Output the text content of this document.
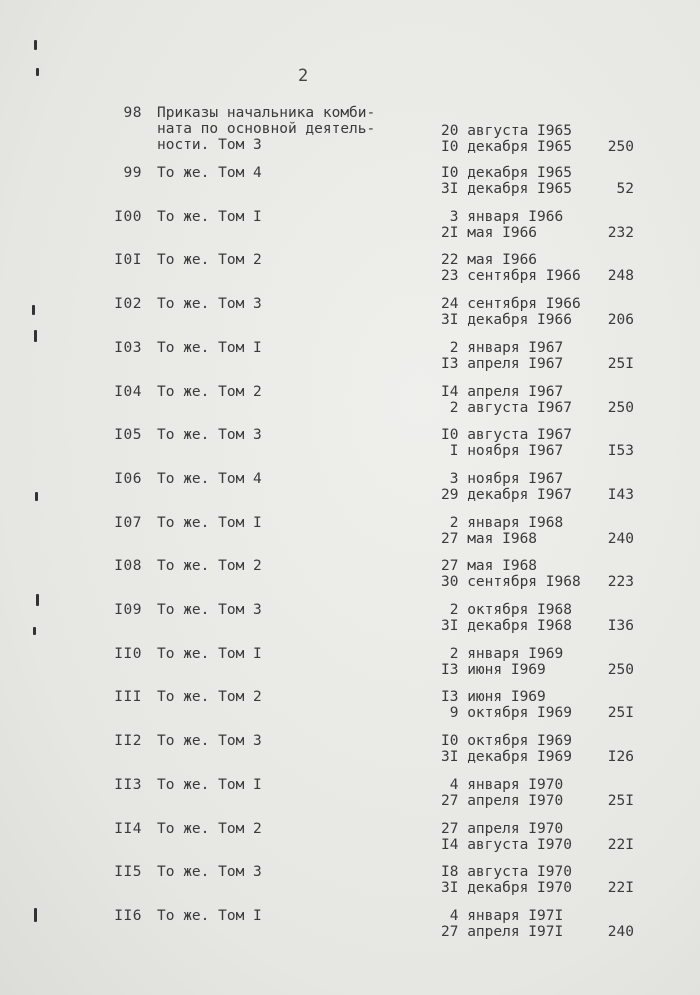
2
98 Приказы начальника комби-
ната по основной деятель-
ности. Том 3
20 августа I965
I0 декабря I965	250
99 То же. Том 4	I0 декабря I965
3I декабря I965	52
I00 То же. Том I	3 января I966
2I мая I966	232
I0I То же. Том 2	22 мая I966
23 сентября I966	248
I02 То же. Том 3	24 сентября I966
3I декабря I966	206
I03 То же. Том I	2 января I967
I3 апреля I967	25I
I04 То же. Том 2	I4 апреля I967
2 августа I967	250
I05 То же. Том 3	I0 августа I967
I ноября I967	I53
I06 То же. Том 4	3 ноября I967
29 декабря I967	I43
I07 То же. Том I	2 января I968
27 мая I968	240
I08 То же. Том 2	27 мая I968
30 сентября I968	223
I09 То же. Том 3	2 октября I968
3I декабря I968	I36
II0 То же. Том I	2 января I969
I3 июня I969	250
III То же. Том 2	I3 июня I969
9 октября I969	25I
II2 То же. Том 3	I0 октября I969
3I декабря I969	I26
II3 То же. Том I	4 января I970
27 апреля I970	25I
II4 То же. Том 2	27 апреля I970
I4 августа I970	22I
II5 То же. Том 3	I8 августа I970
3I декабря I970	22I
II6 То же. Том I	4 января I97I
27 апреля I97I	240
